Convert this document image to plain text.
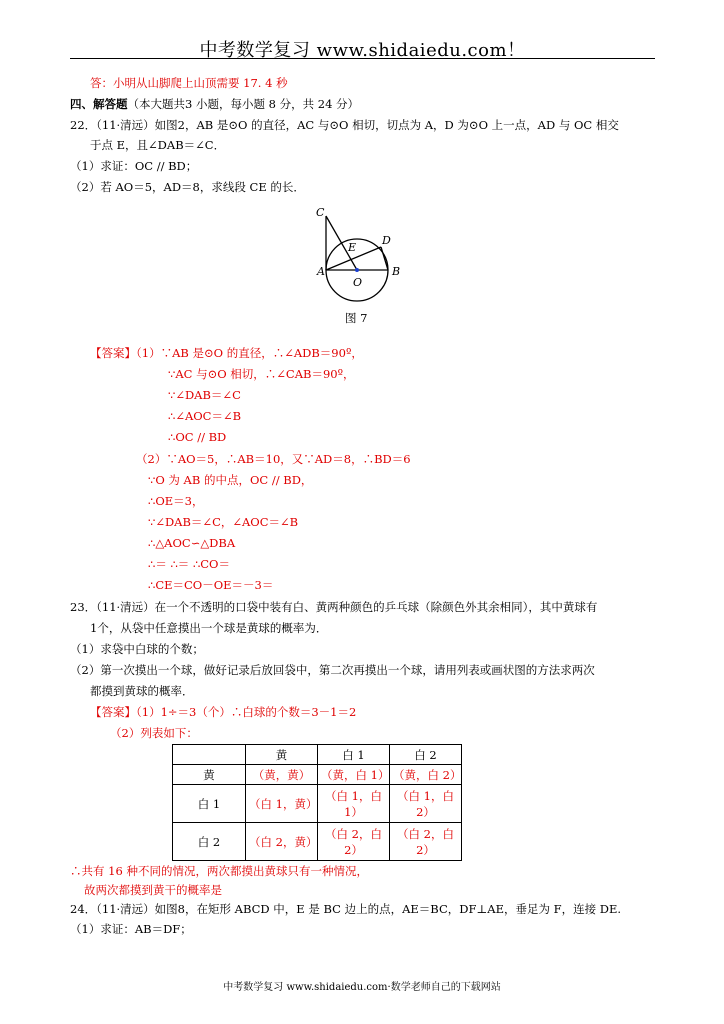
中考数学复习 www.shidaiedu.com！
答：小明从山脚爬上山顶需要 17. 4 秒
四、解答题（本大题共3 小题，每小题 8 分，共 24 分）
22．（11·清远）如图2，AB 是⊙O 的直径，AC 与⊙O 相切，切点为 A，D 为⊙O 上一点，AD 与 OC 相交
于点 E，且∠DAB＝∠C．
（1）求证：OC // BD；
（2）若 AO＝5，AD＝8，求线段 CE 的长．
C
E
D
A	B
O
图 7
【答案】（1）∵AB 是⊙O 的直径，∴∠ADB＝90º，
∵AC 与⊙O 相切，∴∠CAB＝90º，
∵∠DAB＝∠C
∴∠AOC＝∠B
∴OC // BD
（2）∵AO＝5，∴AB＝10，又∵AD＝8，∴BD＝6
∵O 为 AB 的中点，OC // BD，
∴OE＝3，
∵∠DAB＝∠C，∠AOC＝∠B
∴△AOC∽△DBA
∴＝ ∴＝ ∴CO＝
∴CE＝CO－OE＝－3＝
23．（11·清远）在一个不透明的口袋中装有白、黄两种颜色的乒乓球（除颜色外其余相同），其中黄球有
1个，从袋中任意摸出一个球是黄球的概率为．
（1）求袋中白球的个数；
（2）第一次摸出一个球，做好记录后放回袋中，第二次再摸出一个球，请用列表或画状图的方法求两次
都摸到黄球的概率．
【答案】（1）1÷＝3（个）∴白球的个数＝3－1＝2
（2）列表如下：
	黄	白 1	白 2
黄	（黄，黄）	（黄，白 1）	（黄，白 2）
白 1	（白 1，黄）	（白 1，白 1）	（白 1，白 2）
白 2	（白 2，黄）	（白 2，白 2）	（白 2，白 2）
∴共有 16 种不同的情况，两次都摸出黄球只有一种情况，
故两次都摸到黄干的概率是
24．（11·清远）如图8，在矩形 ABCD 中，E 是 BC 边上的点，AE＝BC，DF⊥AE，垂足为 F，连接 DE.
（1）求证：AB＝DF；
中考数学复习 www.shidaiedu.com·数学老师自己的下载网站
